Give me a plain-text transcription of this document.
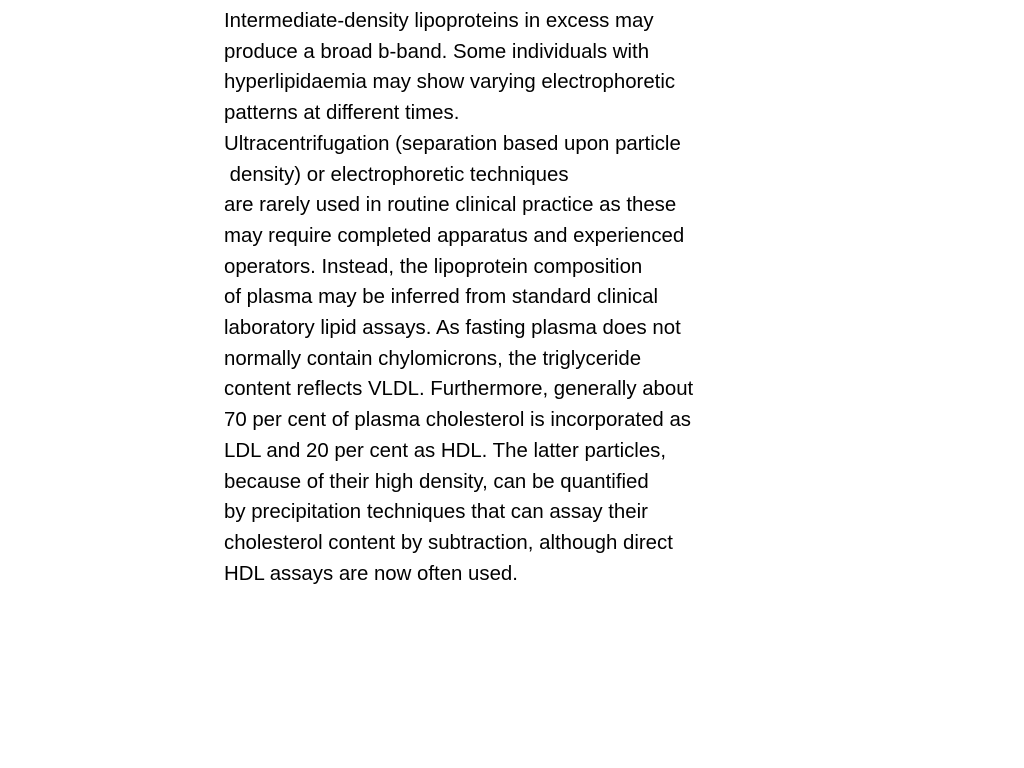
Intermediate-density lipoproteins in excess may
produce a broad b-band. Some individuals with
hyperlipidaemia may show varying electrophoretic
patterns at different times.
Ultracentrifugation (separation based upon particle
density) or electrophoretic techniques
are rarely used in routine clinical practice as these
may require completed apparatus and experienced
operators. Instead, the lipoprotein composition
of plasma may be inferred from standard clinical
laboratory lipid assays. As fasting plasma does not
normally contain chylomicrons, the triglyceride
content reflects VLDL. Furthermore, generally about
70 per cent of plasma cholesterol is incorporated as
LDL and 20 per cent as HDL. The latter particles,
because of their high density, can be quantified
by precipitation techniques that can assay their
cholesterol content by subtraction, although direct
HDL assays are now often used.
